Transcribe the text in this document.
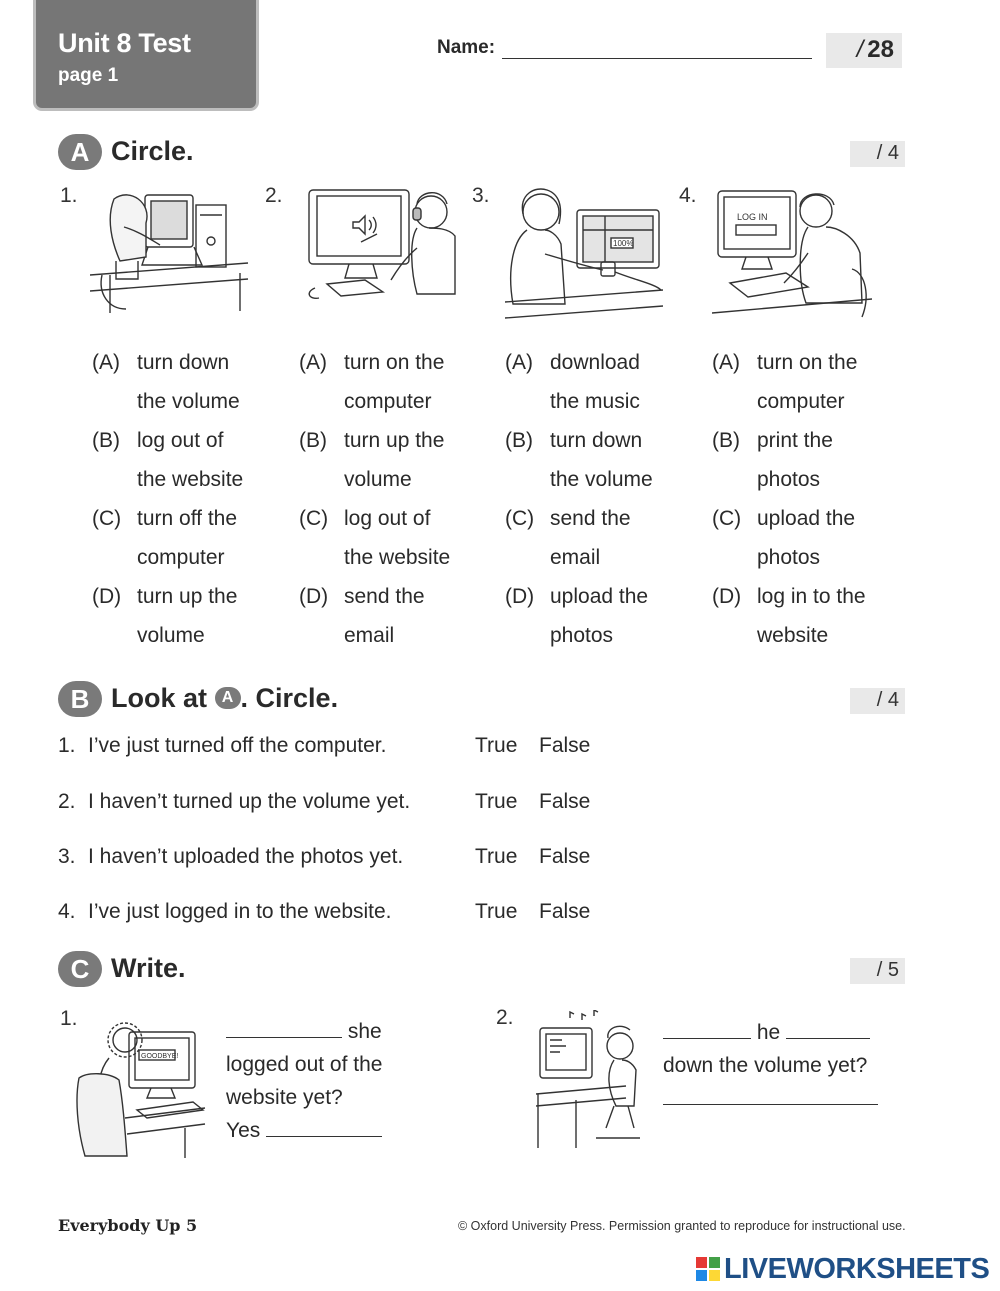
Unit 8 Test
page 1
Name:	/ 28
A Circle.	/ 4
1.	2.	3.	4.
100%
LOG IN
(A) turn down
the volume
(B) log out of
the website
(C) turn off the
computer
(D) turn up the
volume
(A) turn on the
computer
(B) turn up the
volume
(C) log out of
the website
(D) send the
email
(A) download
the music
(B) turn down
the volume
(C) send the
email
(D) upload the
photos
(A) turn on the
computer
(B) print the
photos
(C) upload the
photos
(D) log in to the
website
B Look at A . Circle.	/ 4
1. I’ve just turned off the computer.	True False
2. I haven’t turned up the volume yet.	True False
3. I haven’t uploaded the photos yet.	True False
4. I’ve just logged in to the website.	True False
C Write.	/ 5
1.
GOODBYE!
she
logged out of the
website yet?
Yes
2.
he
down the volume yet?
Everybody Up 5	© Oxford University Press. Permission granted to reproduce for instructional use.
LIVEWORKSHEETS
